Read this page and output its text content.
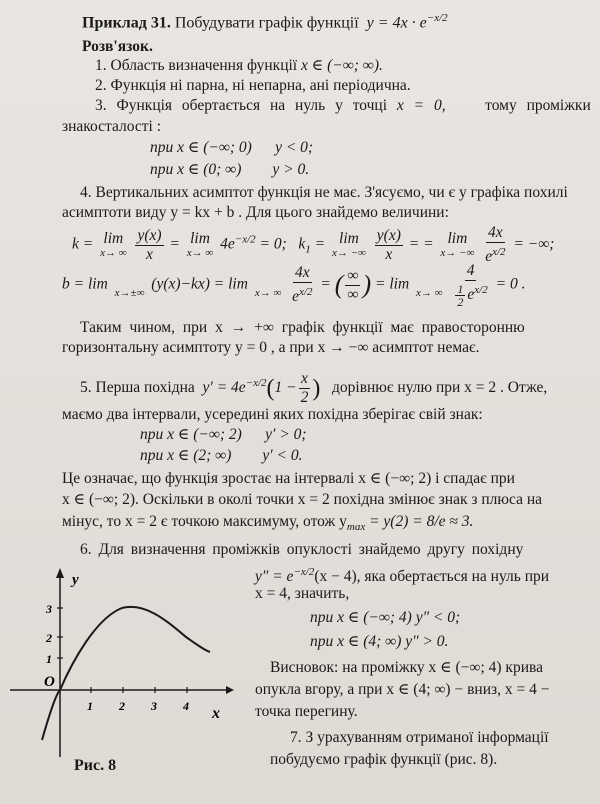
Приклад 31. Побудувати графік функції $y = 4x \cdot e^{-x/2}$
Розв'язок.
1. Область визначення функції x ∈ (−∞; ∞).
2. Функція ні парна, ні непарна, ані періодична.
3. Функція обертається на нуль у точці x = 0,	тому проміжки
знакосталості :
при x ∈ (−∞; 0)      y < 0;
при x ∈ (0; ∞)        y > 0.
4. Вертикальних асимптот функція не має. З'ясуємо, чи є у графіка похилі
асимптоти виду y = kx + b . Для цього знайдемо величини:
k = lim
x→ ∞
$\frac{y(x)}{x} = \lim$
x→ ∞
$4e^{-x/2} = 0$; $k_1 = \lim$
x→ −∞
$\frac{y(x)}{x}$ = = lim
x→ −∞
$\frac{4x}{e^{x/2}}$ = −∞;
b = lim

x→±∞
(y(x)−kx) = lim

x→ ∞
$\frac{4x}{e^{x/2}}$ = ( $\frac{\infty}{\infty}$ ) = lim

x→ ∞
$\frac{4}{\frac{1}{2} e^{x/2}} = 0$ .
Таким чином, при x → +∞ графік функції має правосторонню
горизонтальну асимптоту y = 0 , а при x → −∞ асимптот немає.
5. Перша похідна $y' = 4e^{-x/2}(1 - \frac{x}{2}$ ) дорівнює нулю при x = 2 . Отже,
маємо два інтервали, усередині яких похідна зберігає свій знак:
при x ∈ (−∞; 2)      y′ > 0;
при x ∈ (2; ∞)        y′ < 0.
Це означає, що функція зростає на інтервалі x ∈ (−∞; 2) і спадає при
x ∈ (−∞; 2). Оскільки в околі точки x = 2 похідна змінює знак з плюса на
мінус, то x = 2 є точкою максимуму, отож $y_{max} = y(2) = 8/e \approx 3$.
6. Для визначення проміжків опуклості знайдемо другу похідну
$y'' = e^{-x/2}(x - 4)$, яка обертається на нуль при
x = 4, значить,
при x ∈ (−∞; 4) y″ < 0;
при x ∈ (4; ∞) y″ > 0.
Висновок: на проміжку x ∈ (−∞; 4) крива
опукла вгору, а при x ∈ (4; ∞) − вниз, x = 4 −
точка перегину.
7. З урахуванням отриманої інформації
побудуємо графік функції (рис. 8).
y
x
O
1 2 3 4
1
2
3
Рис. 8
